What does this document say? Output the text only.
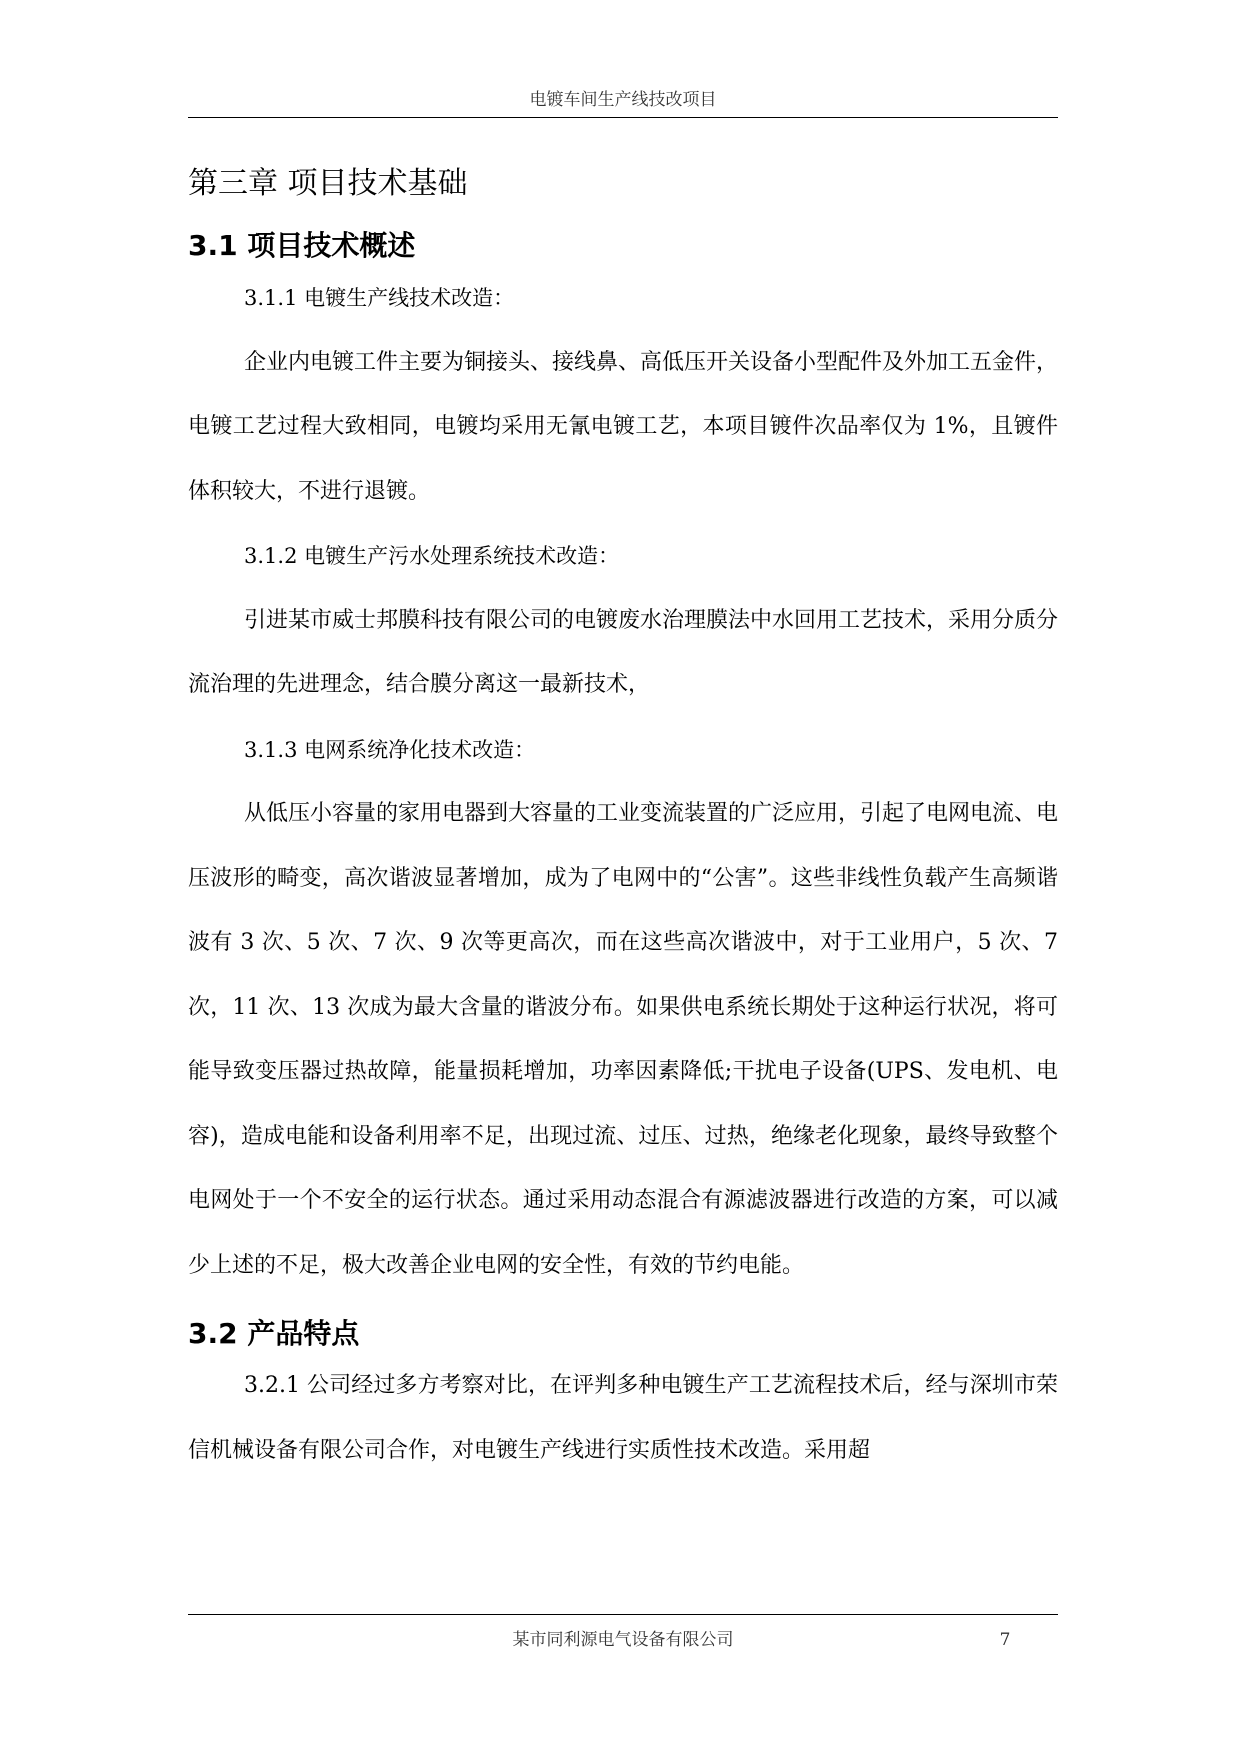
电镀车间生产线技改项目
第三章 项目技术基础
3.1 项目技术概述

3.1.1 电镀生产线技术改造：

企业内电镀工件主要为铜接头、接线鼻、高低压开关设备小型配件及外加工五金件，电镀工艺过程大致相同，电镀均采用无氰电镀工艺，本项目镀件次品率仅为 1%，且镀件体积较大，不进行退镀。

3.1.2 电镀生产污水处理系统技术改造：

引进某市威士邦膜科技有限公司的电镀废水治理膜法中水回用工艺技术，采用分质分流治理的先进理念，结合膜分离这一最新技术，

3.1.3 电网系统净化技术改造：

从低压小容量的家用电器到大容量的工业变流装置的广泛应用，引起了电网电流、电压波形的畸变，高次谐波显著增加，成为了电网中的“公害”。这些非线性负载产生高频谐波有 3 次、5 次、7 次、9 次等更高次，而在这些高次谐波中，对于工业用户，5 次、7 次，11 次、13 次成为最大含量的谐波分布。如果供电系统长期处于这种运行状况，将可能导致变压器过热故障，能量损耗增加，功率因素降低;干扰电子设备(UPS、发电机、电容)，造成电能和设备利用率不足，出现过流、过压、过热，绝缘老化现象，最终导致整个电网处于一个不安全的运行状态。通过采用动态混合有源滤波器进行改造的方案，可以减少上述的不足，极大改善企业电网的安全性，有效的节约电能。

3.2 产品特点

3.2.1 公司经过多方考察对比，在评判多种电镀生产工艺流程技术后，经与深圳市荣信机械设备有限公司合作，对电镀生产线进行实质性技术改造。采用超

某市同利源电气设备有限公司	7
